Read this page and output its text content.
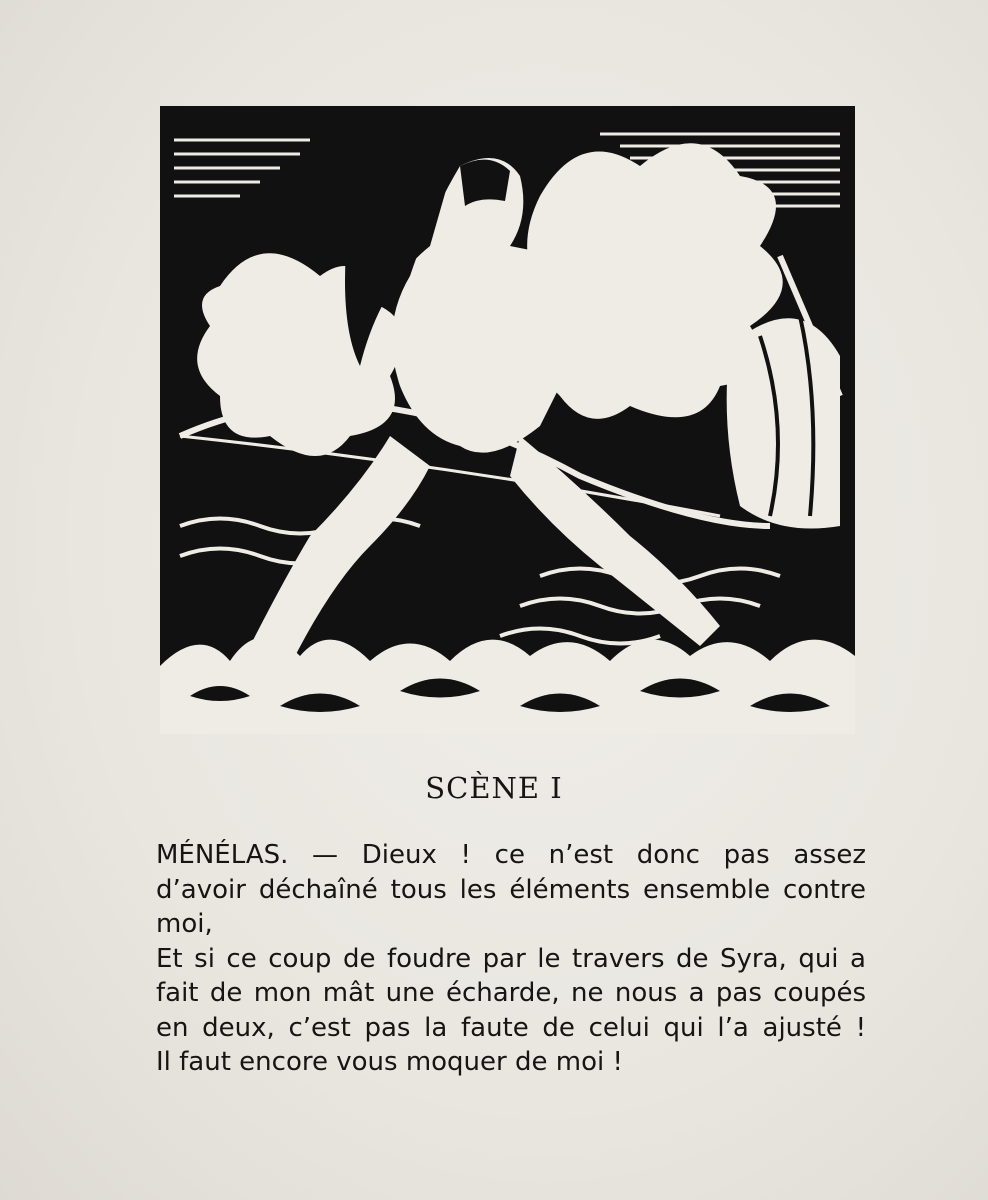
SCÈNE I
MÉNÉLAS. — Dieux ! ce n’est donc pas assez
d’avoir déchaîné tous les éléments ensemble contre
moi,
Et si ce coup de foudre par le travers de Syra, qui a
fait de mon mât une écharde, ne nous a pas coupés
en deux, c’est pas la faute de celui qui l’a ajusté !
Il faut encore vous moquer de moi !
